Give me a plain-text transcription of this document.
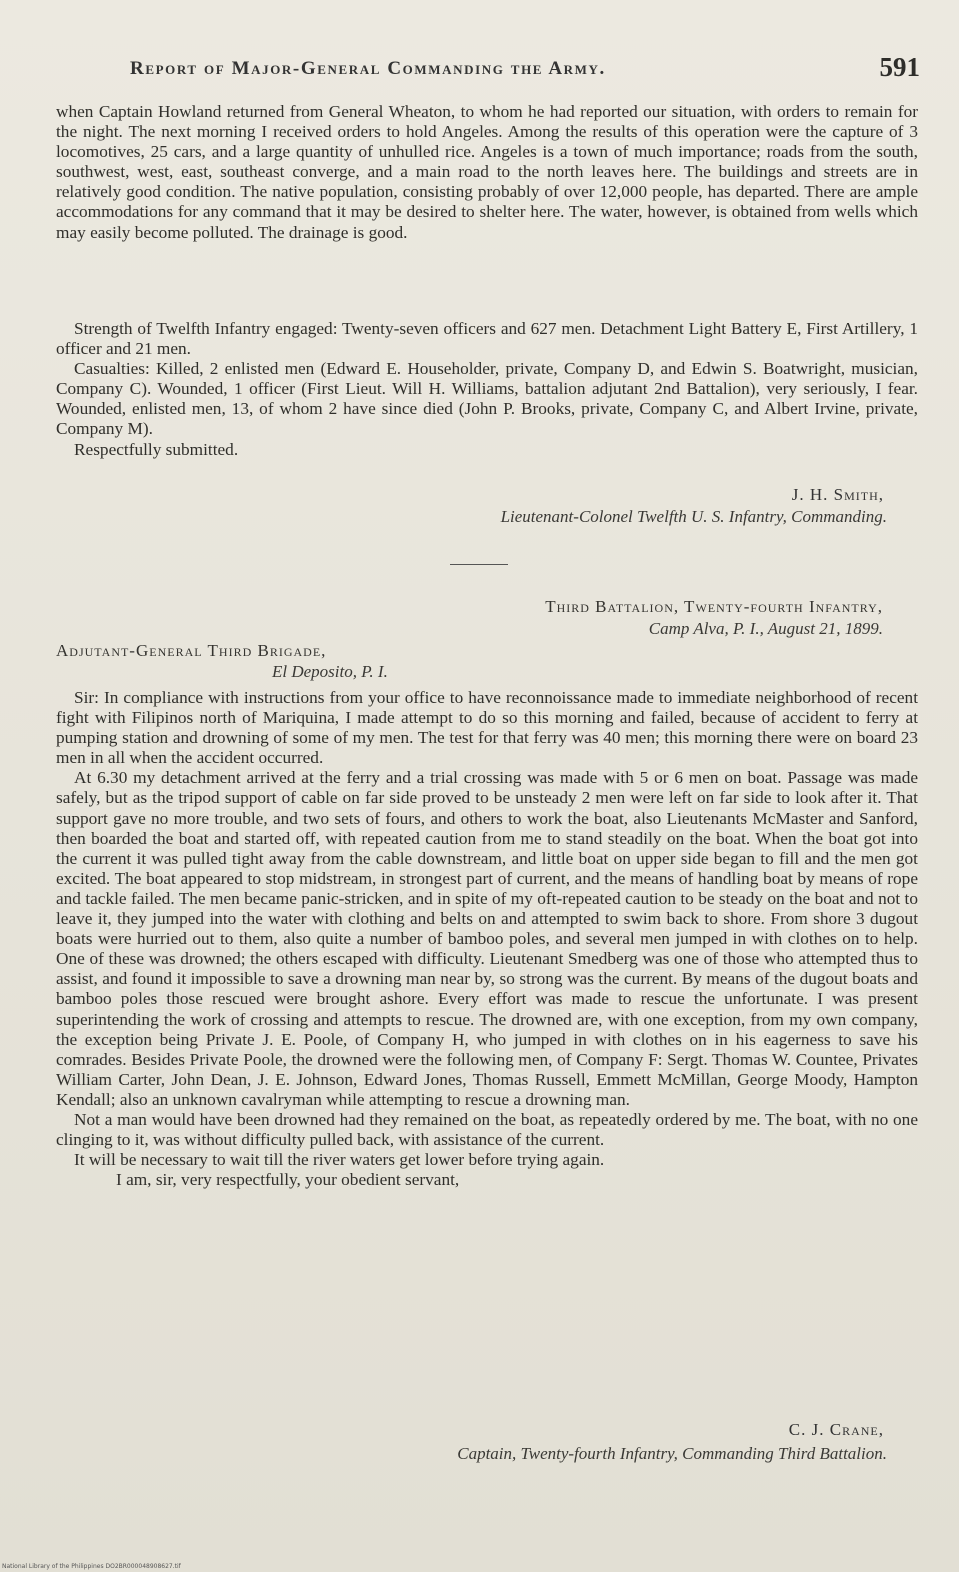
Report of Major-General Commanding the Army.	591

when Captain Howland returned from General Wheaton, to whom he had reported our situation, with orders to remain for the night. The next morning I received orders to hold Angeles. Among the results of this operation were the capture of 3 locomotives, 25 cars, and a large quantity of unhulled rice. Angeles is a town of much importance; roads from the south, southwest, west, east, southeast converge, and a main road to the north leaves here. The buildings and streets are in relatively good condition. The native population, consisting probably of over 12,000 people, has departed. There are ample accommodations for any command that it may be desired to shelter here. The water, however, is obtained from wells which may easily become polluted. The drainage is good.

Strength of Twelfth Infantry engaged: Twenty-seven officers and 627 men. Detachment Light Battery E, First Artillery, 1 officer and 21 men.

Casualties: Killed, 2 enlisted men (Edward E. Householder, private, Company D, and Edwin S. Boatwright, musician, Company C). Wounded, 1 officer (First Lieut. Will H. Williams, battalion adjutant 2nd Battalion), very seriously, I fear. Wounded, enlisted men, 13, of whom 2 have since died (John P. Brooks, private, Company C, and Albert Irvine, private, Company M).

Respectfully submitted.

J. H. Smith,
Lieutenant-Colonel Twelfth U. S. Infantry, Commanding.
Third Battalion, Twenty-fourth Infantry,
Camp Alva, P. I., August 21, 1899.
Adjutant-General Third Brigade,
El Deposito, P. I.

Sir: In compliance with instructions from your office to have reconnoissance made to immediate neighborhood of recent fight with Filipinos north of Mariquina, I made attempt to do so this morning and failed, because of accident to ferry at pumping station and drowning of some of my men. The test for that ferry was 40 men; this morning there were on board 23 men in all when the accident occurred.

At 6.30 my detachment arrived at the ferry and a trial crossing was made with 5 or 6 men on boat. Passage was made safely, but as the tripod support of cable on far side proved to be unsteady 2 men were left on far side to look after it. That support gave no more trouble, and two sets of fours, and others to work the boat, also Lieutenants McMaster and Sanford, then boarded the boat and started off, with repeated caution from me to stand steadily on the boat. When the boat got into the current it was pulled tight away from the cable downstream, and little boat on upper side began to fill and the men got excited. The boat appeared to stop midstream, in strongest part of current, and the means of handling boat by means of rope and tackle failed. The men became panic-stricken, and in spite of my oft-repeated caution to be steady on the boat and not to leave it, they jumped into the water with clothing and belts on and attempted to swim back to shore. From shore 3 dugout boats were hurried out to them, also quite a number of bamboo poles, and several men jumped in with clothes on to help. One of these was drowned; the others escaped with difficulty. Lieutenant Smedberg was one of those who attempted thus to assist, and found it impossible to save a drowning man near by, so strong was the current. By means of the dugout boats and bamboo poles those rescued were brought ashore. Every effort was made to rescue the unfortunate. I was present superintending the work of crossing and attempts to rescue. The drowned are, with one exception, from my own company, the exception being Private J. E. Poole, of Company H, who jumped in with clothes on in his eagerness to save his comrades. Besides Private Poole, the drowned were the following men, of Company F: Sergt. Thomas W. Countee, Privates William Carter, John Dean, J. E. Johnson, Edward Jones, Thomas Russell, Emmett McMillan, George Moody, Hampton Kendall; also an unknown cavalryman while attempting to rescue a drowning man.

Not a man would have been drowned had they remained on the boat, as repeatedly ordered by me. The boat, with no one clinging to it, was without difficulty pulled back, with assistance of the current.

It will be necessary to wait till the river waters get lower before trying again.

I am, sir, very respectfully, your obedient servant,

C. J. Crane,
Captain, Twenty-fourth Infantry, Commanding Third Battalion.
National Library of the Philippines DO2BR000048908627.tif
